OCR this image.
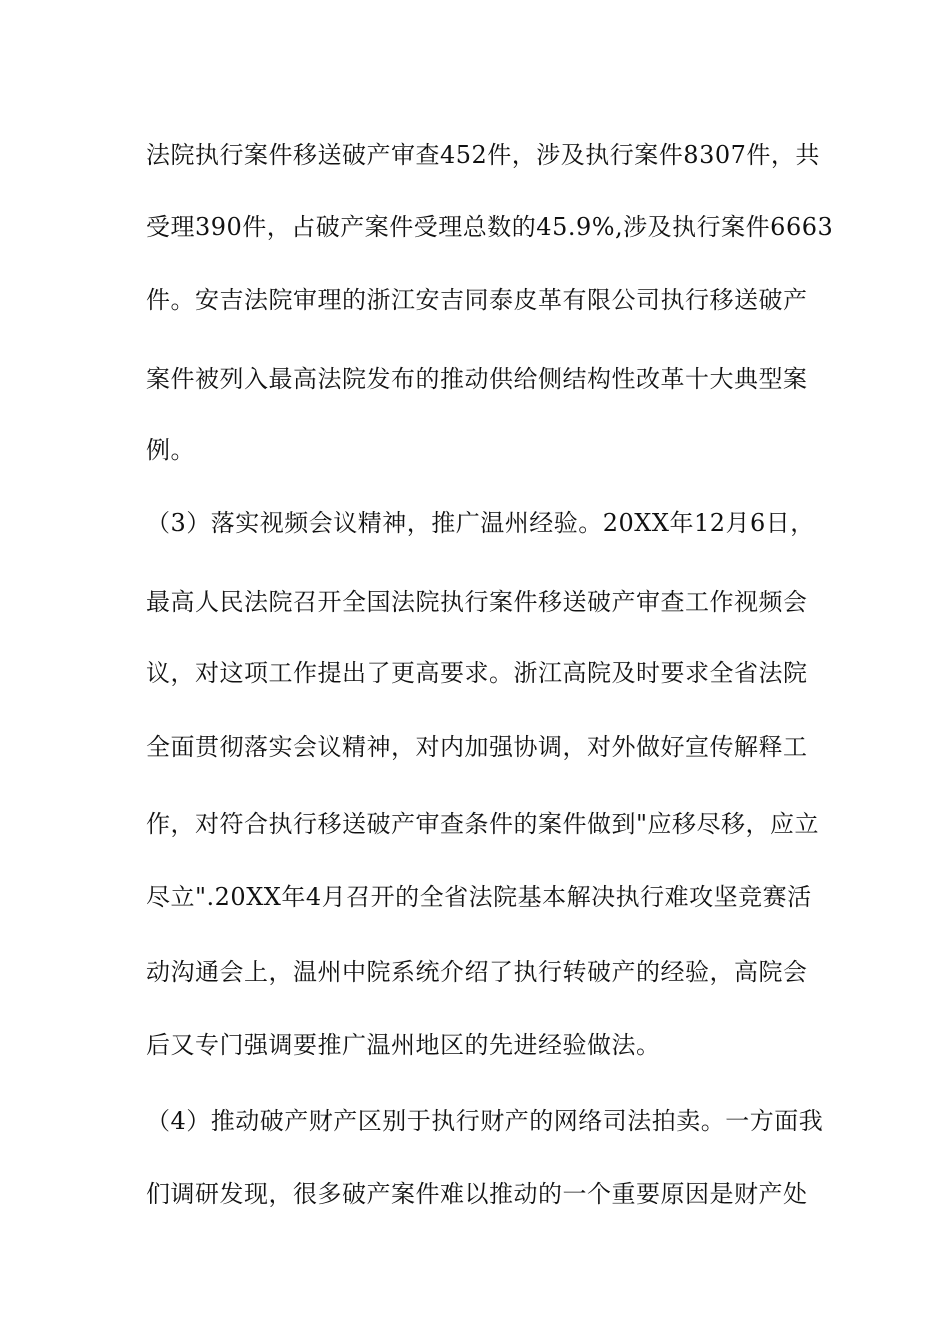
法院执行案件移送破产审查452件，涉及执行案件8307件，共
受理390件，占破产案件受理总数的45.9%,涉及执行案件6663
件。安吉法院审理的浙江安吉同泰皮革有限公司执行移送破产
案件被列入最高法院发布的推动供给侧结构性改革十大典型案
例。
（3）落实视频会议精神，推广温州经验。20XX年12月6日，
最高人民法院召开全国法院执行案件移送破产审查工作视频会
议，对这项工作提出了更高要求。浙江高院及时要求全省法院
全面贯彻落实会议精神，对内加强协调，对外做好宣传解释工
作，对符合执行移送破产审查条件的案件做到"应移尽移，应立
尽立".20XX年4月召开的全省法院基本解决执行难攻坚竞赛活
动沟通会上，温州中院系统介绍了执行转破产的经验，高院会
后又专门强调要推广温州地区的先进经验做法。
（4）推动破产财产区别于执行财产的网络司法拍卖。一方面我
们调研发现，很多破产案件难以推动的一个重要原因是财产处
